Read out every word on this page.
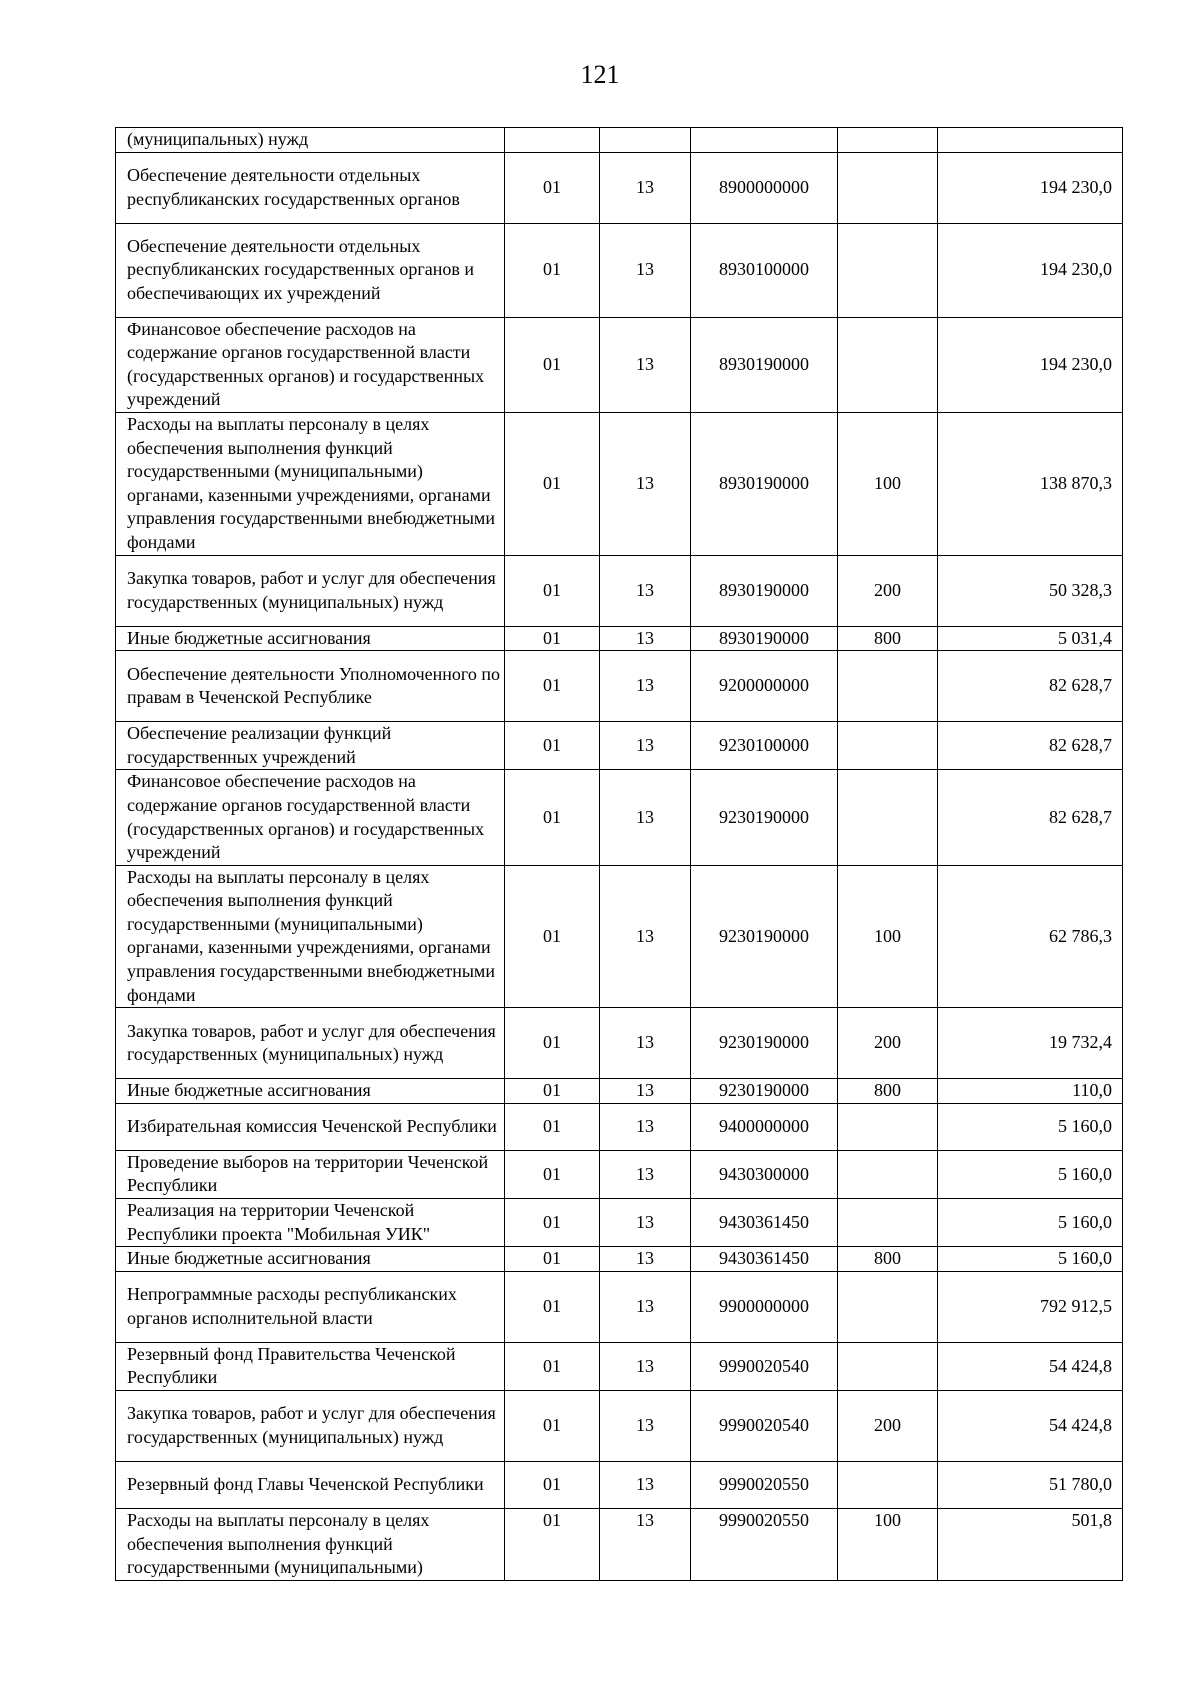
121
(муниципальных) нужд					
Обеспечение деятельности отдельных республиканских государственных органов	01	13	8900000000		194 230,0
Обеспечение деятельности отдельных республиканских государственных органов и обеспечивающих их учреждений	01	13	8930100000		194 230,0
Финансовое обеспечение расходов на содержание органов государственной власти (государственных органов) и государственных учреждений	01	13	8930190000		194 230,0
Расходы на выплаты персоналу в целях обеспечения выполнения функций государственными (муниципальными) органами, казенными учреждениями, органами управления государственными внебюджетными фондами	01	13	8930190000	100	138 870,3
Закупка товаров, работ и услуг для обеспечения государственных (муниципальных) нужд	01	13	8930190000	200	50 328,3
Иные бюджетные ассигнования	01	13	8930190000	800	5 031,4
Обеспечение деятельности Уполномоченного по правам в Чеченской Республике	01	13	9200000000		82 628,7
Обеспечение реализации функций государственных учреждений	01	13	9230100000		82 628,7
Финансовое обеспечение расходов на содержание органов государственной власти (государственных органов) и государственных учреждений	01	13	9230190000		82 628,7
Расходы на выплаты персоналу в целях обеспечения выполнения функций государственными (муниципальными) органами, казенными учреждениями, органами управления государственными внебюджетными фондами	01	13	9230190000	100	62 786,3
Закупка товаров, работ и услуг для обеспечения государственных (муниципальных) нужд	01	13	9230190000	200	19 732,4
Иные бюджетные ассигнования	01	13	9230190000	800	110,0
Избирательная комиссия Чеченской Республики	01	13	9400000000		5 160,0
Проведение выборов на территории Чеченской Республики	01	13	9430300000		5 160,0
Реализация на территории Чеченской Республики проекта "Мобильная УИК"	01	13	9430361450		5 160,0
Иные бюджетные ассигнования	01	13	9430361450	800	5 160,0
Непрограммные расходы республиканских органов исполнительной власти	01	13	9900000000		792 912,5
Резервный фонд Правительства Чеченской Республики	01	13	9990020540		54 424,8
Закупка товаров, работ и услуг для обеспечения государственных (муниципальных) нужд	01	13	9990020540	200	54 424,8
Резервный фонд Главы Чеченской Республики	01	13	9990020550		51 780,0
Расходы на выплаты персоналу в целях обеспечения выполнения функций государственными (муниципальными)	01	13	9990020550	100	501,8
